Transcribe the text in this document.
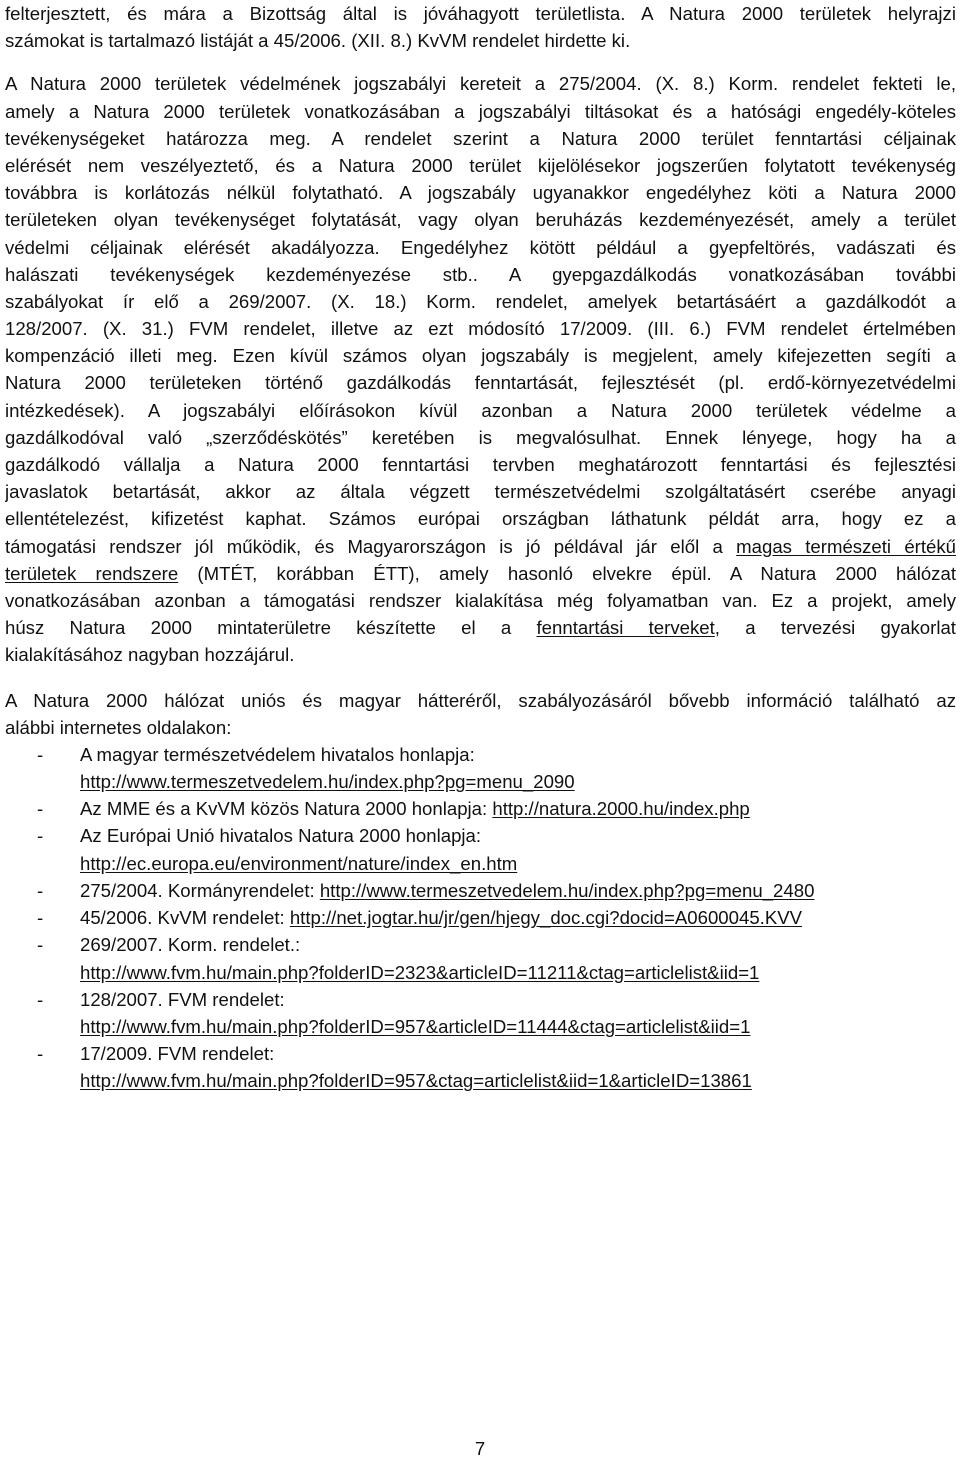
felterjesztett, és mára a Bizottság által is jóváhagyott területlista. A Natura 2000 területek helyrajzi
számokat is tartalmazó listáját a 45/2006. (XII. 8.) KvVM rendelet hirdette ki.
A Natura 2000 területek védelmének jogszabályi kereteit a 275/2004. (X. 8.) Korm. rendelet fekteti le,
amely a Natura 2000 területek vonatkozásában a jogszabályi tiltásokat és a hatósági engedély-köteles
tevékenységeket határozza meg. A rendelet szerint a Natura 2000 terület fenntartási céljainak
elérését nem veszélyeztető, és a Natura 2000 terület kijelölésekor jogszerűen folytatott tevékenység
továbbra is korlátozás nélkül folytatható. A jogszabály ugyanakkor engedélyhez köti a Natura 2000
területeken olyan tevékenységet folytatását, vagy olyan beruházás kezdeményezését, amely a terület
védelmi céljainak elérését akadályozza. Engedélyhez kötött például a gyepfeltörés, vadászati és
halászati tevékenységek kezdeményezése stb.. A gyepgazdálkodás vonatkozásában további
szabályokat ír elő a 269/2007. (X. 18.) Korm. rendelet, amelyek betartásáért a gazdálkodót a
128/2007. (X. 31.) FVM rendelet, illetve az ezt módosító 17/2009. (III. 6.) FVM rendelet értelmében
kompenzáció illeti meg. Ezen kívül számos olyan jogszabály is megjelent, amely kifejezetten segíti a
Natura 2000 területeken történő gazdálkodás fenntartását, fejlesztését (pl. erdő-környezetvédelmi
intézkedések). A jogszabályi előírásokon kívül azonban a Natura 2000 területek védelme a
gazdálkodóval való „szerződéskötés” keretében is megvalósulhat. Ennek lényege, hogy ha a
gazdálkodó vállalja a Natura 2000 fenntartási tervben meghatározott fenntartási és fejlesztési
javaslatok betartását, akkor az általa végzett természetvédelmi szolgáltatásért cserébe anyagi
ellentételezést, kifizetést kaphat. Számos európai országban láthatunk példát arra, hogy ez a
támogatási rendszer jól működik, és Magyarországon is jó példával jár elől a magas természeti értékű
területek rendszere (MTÉT, korábban ÉTT), amely hasonló elvekre épül. A Natura 2000 hálózat
vonatkozásában azonban a támogatási rendszer kialakítása még folyamatban van. Ez a projekt, amely
húsz Natura 2000 mintaterületre készítette el a fenntartási terveket, a tervezési gyakorlat
kialakításához nagyban hozzájárul.
A Natura 2000 hálózat uniós és magyar hátteréről, szabályozásáról bővebb információ található az
alábbi internetes oldalakon:
- A magyar természetvédelem hivatalos honlapja:
http://www.termeszetvedelem.hu/index.php?pg=menu_2090
- Az MME és a KvVM közös Natura 2000 honlapja: http://natura.2000.hu/index.php
- Az Európai Unió hivatalos Natura 2000 honlapja:
http://ec.europa.eu/environment/nature/index_en.htm
- 275/2004. Kormányrendelet: http://www.termeszetvedelem.hu/index.php?pg=menu_2480
- 45/2006. KvVM rendelet: http://net.jogtar.hu/jr/gen/hjegy_doc.cgi?docid=A0600045.KVV
- 269/2007. Korm. rendelet.:
http://www.fvm.hu/main.php?folderID=2323&articleID=11211&ctag=articlelist&iid=1
- 128/2007. FVM rendelet:
http://www.fvm.hu/main.php?folderID=957&articleID=11444&ctag=articlelist&iid=1
- 17/2009. FVM rendelet:
http://www.fvm.hu/main.php?folderID=957&ctag=articlelist&iid=1&articleID=13861
7
